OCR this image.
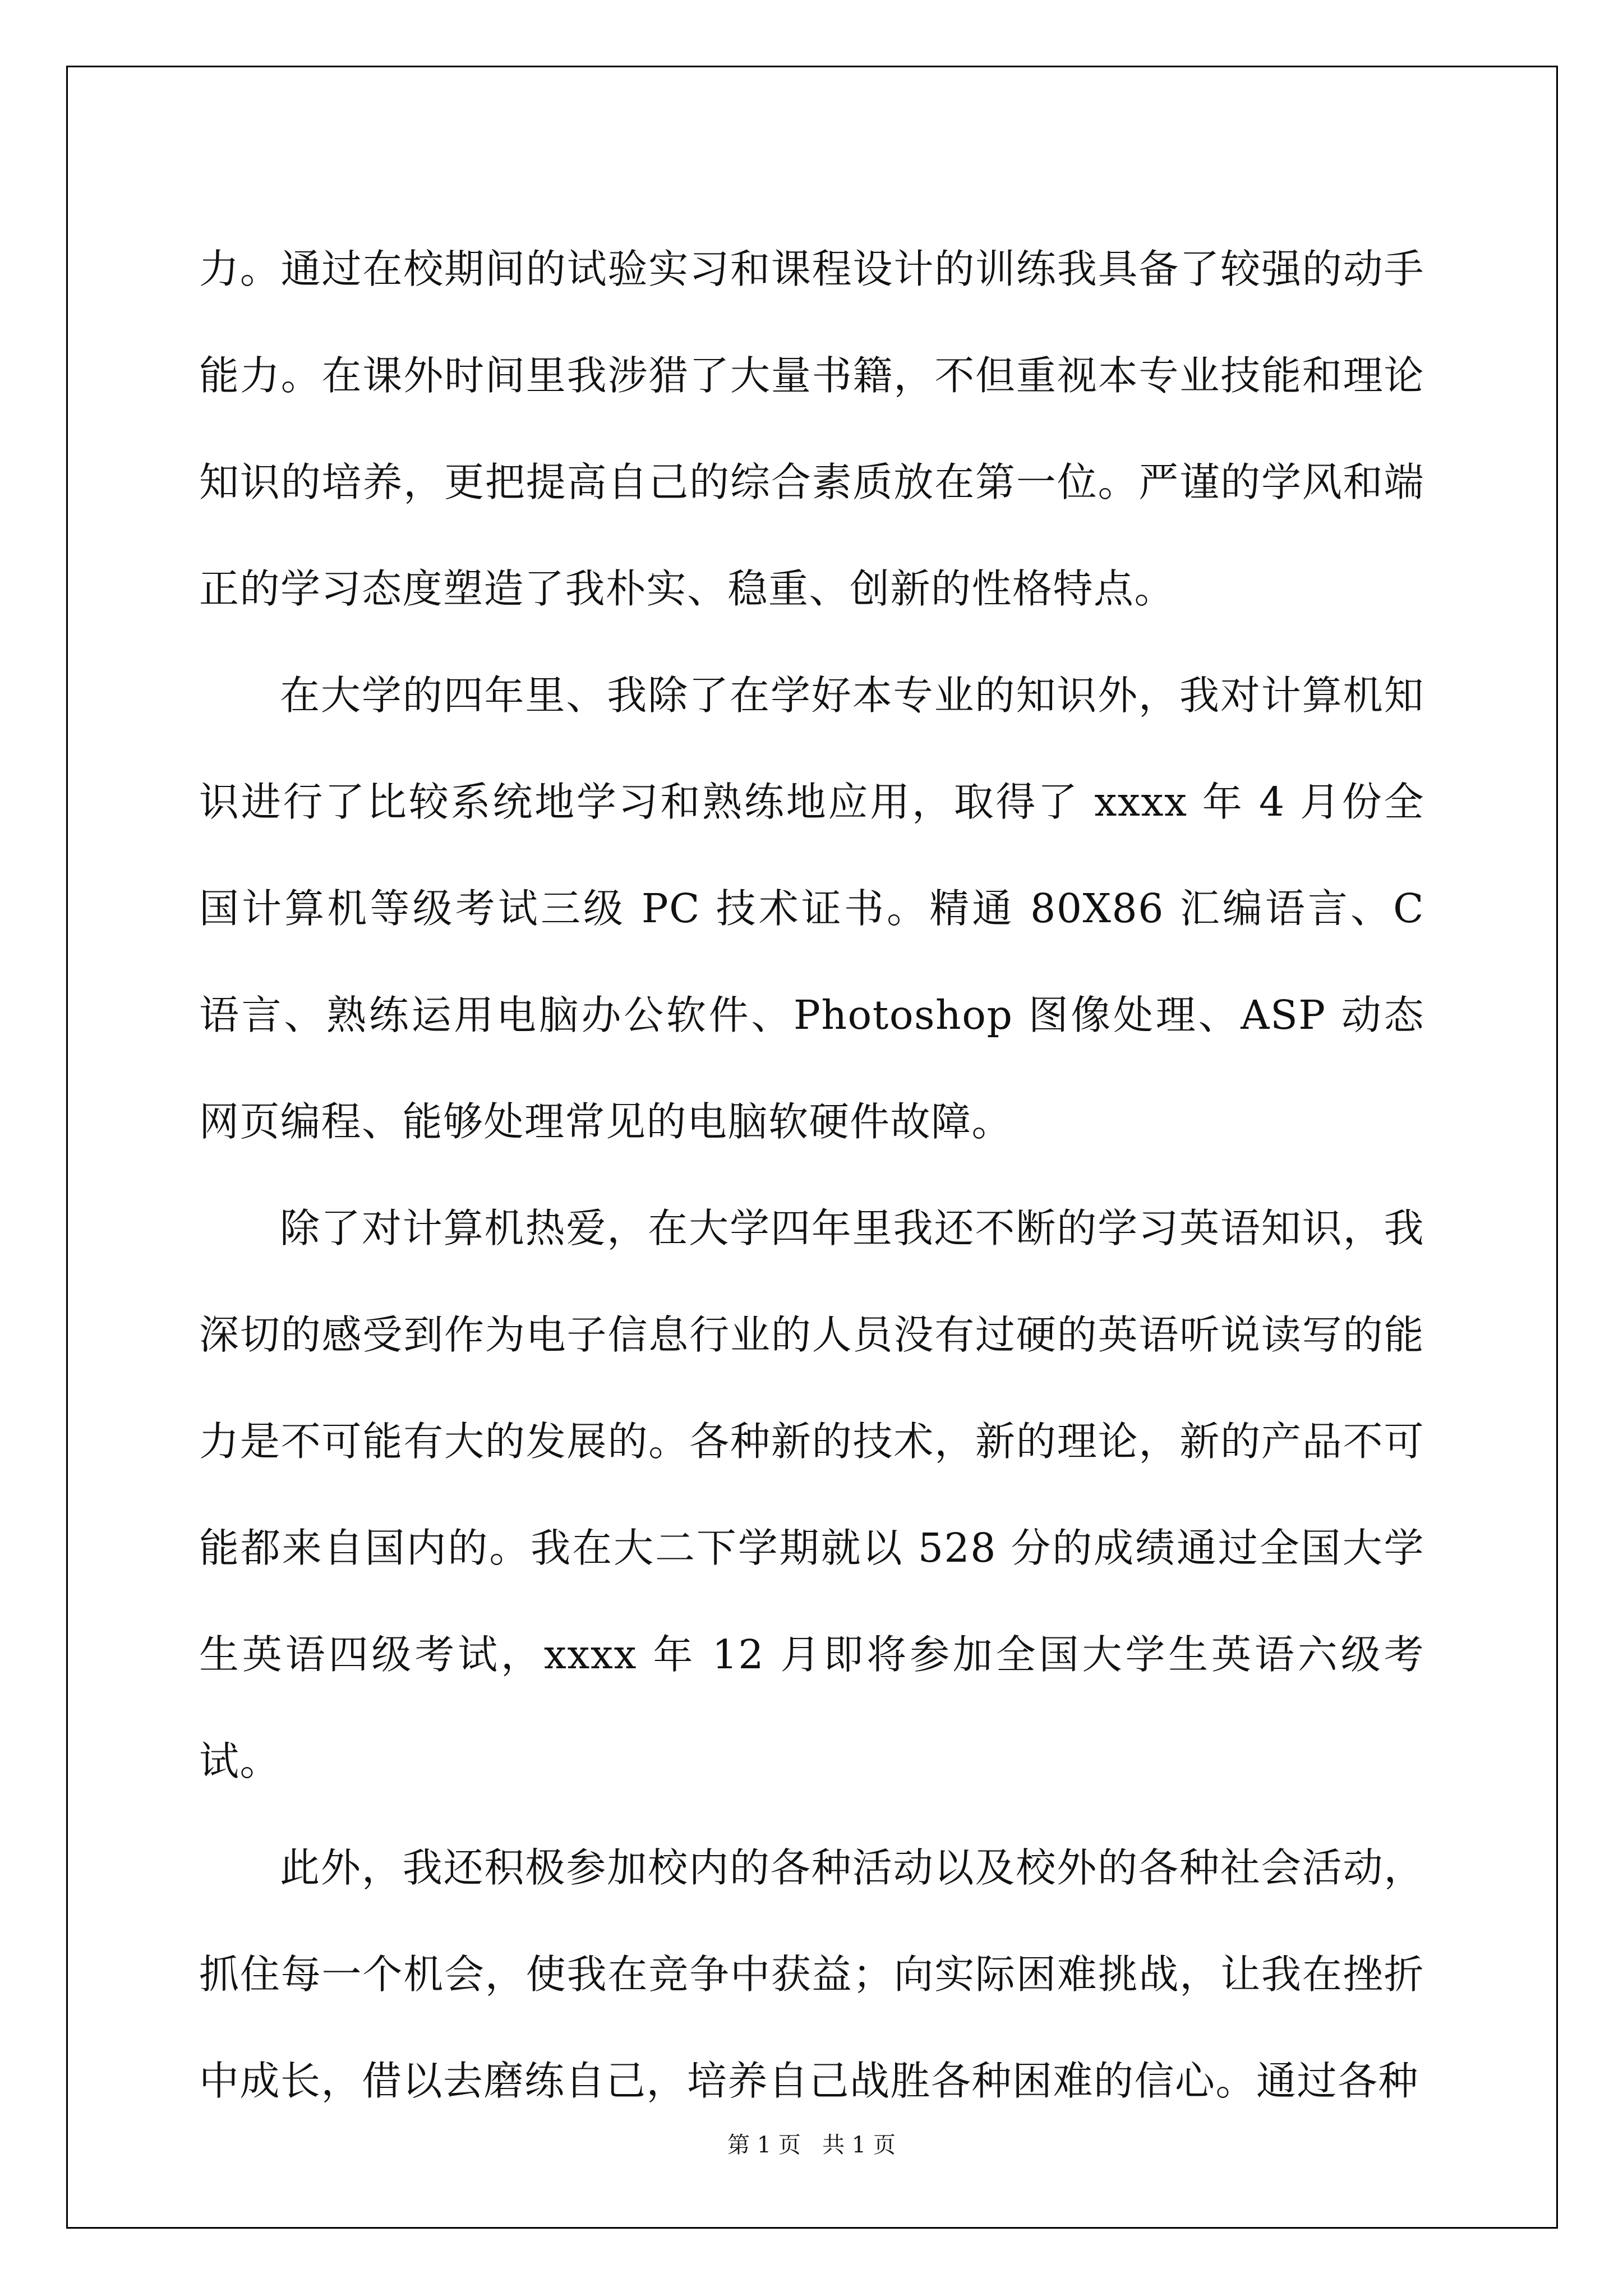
力。通过在校期间的试验实习和课程设计的训练我具备了较强的动手能力。在课外时间里我涉猎了大量书籍，不但重视本专业技能和理论知识的培养，更把提高自己的综合素质放在第一位。严谨的学风和端正的学习态度塑造了我朴实、稳重、创新的性格特点。

在大学的四年里、我除了在学好本专业的知识外，我对计算机知识进行了比较系统地学习和熟练地应用，取得了 xxxx 年 4 月份全国计算机等级考试三级 PC 技术证书。精通 80X86 汇编语言、C 语言、熟练运用电脑办公软件、Photoshop 图像处理、ASP 动态网页编程、能够处理常见的电脑软硬件故障。

除了对计算机热爱，在大学四年里我还不断的学习英语知识，我深切的感受到作为电子信息行业的人员没有过硬的英语听说读写的能力是不可能有大的发展的。各种新的技术，新的理论，新的产品不可能都来自国内的。我在大二下学期就以 528 分的成绩通过全国大学生英语四级考试，xxxx 年 12 月即将参加全国大学生英语六级考试。

此外，我还积极参加校内的各种活动以及校外的各种社会活动，抓住每一个机会，使我在竞争中获益；向实际困难挑战，让我在挫折中成长，借以去磨练自己，培养自己战胜各种困难的信心。通过各种

第 1 页   共 1 页
